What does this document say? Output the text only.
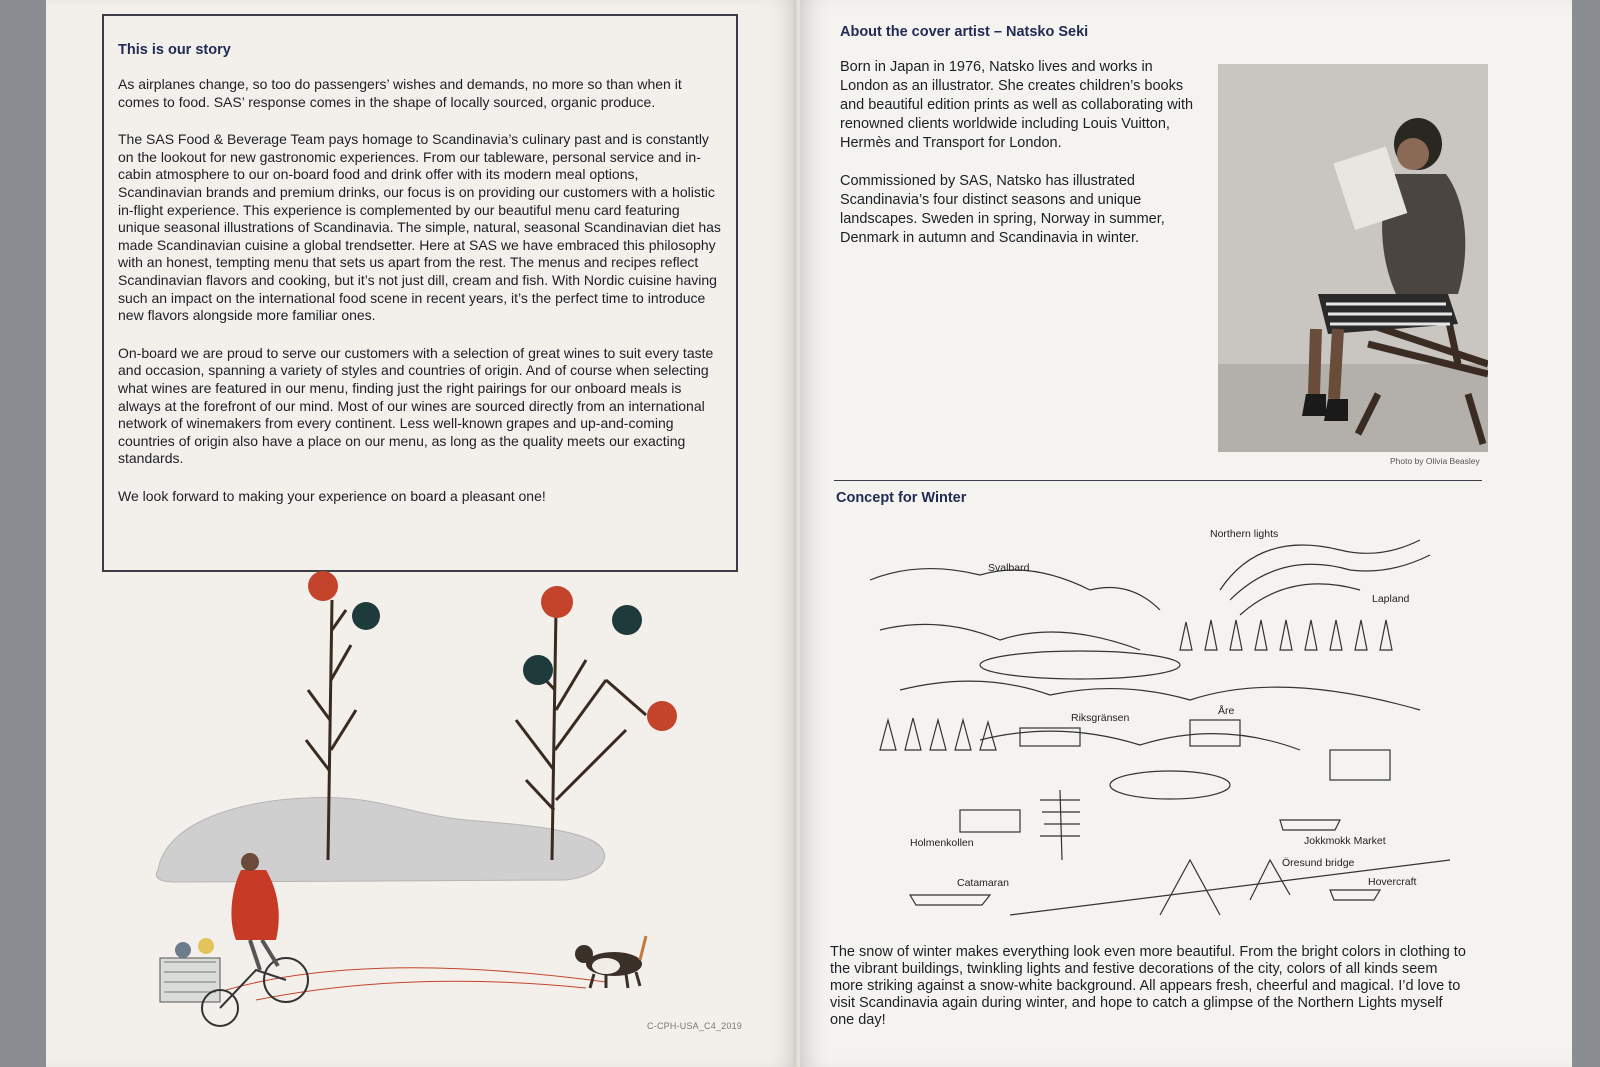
This is our story

As airplanes change, so too do passengers’ wishes and demands, no more so than when it comes to food. SAS’ response comes in the shape of locally sourced, organic produce.

The SAS Food & Beverage Team pays homage to Scandinavia’s culinary past and is constantly on the lookout for new gastronomic experiences. From our tableware, personal service and in-cabin atmosphere to our on-board food and drink offer with its modern meal options, Scandinavian brands and premium drinks, our focus is on providing our customers with a holistic in-flight experience. This experience is complemented by our beautiful menu card featuring unique seasonal illustrations of Scandinavia. The simple, natural, seasonal Scandinavian diet has made Scandinavian cuisine a global trendsetter. Here at SAS we have embraced this philosophy with an honest, tempting menu that sets us apart from the rest. The menus and recipes reflect Scandinavian flavors and cooking, but it’s not just dill, cream and fish. With Nordic cuisine having such an impact on the international food scene in recent years, it’s the perfect time to introduce new flavors alongside more familiar ones.

On-board we are proud to serve our customers with a selection of great wines to suit every taste and occasion, spanning a variety of styles and countries of origin. And of course when selecting what wines are featured in our menu, finding just the right pairings for our onboard meals is always at the forefront of our mind. Most of our wines are sourced directly from an international network of winemakers from every continent. Less well-known grapes and up-and-coming countries of origin also have a place on our menu, as long as the quality meets our exacting standards.

We look forward to making your experience on board a pleasant one!

C-CPH-USA_C4_2019
About the cover artist – Natsko Seki

Born in Japan in 1976, Natsko lives and works in London as an illustrator. She creates children’s books and beautiful edition prints as well as collaborating with renowned clients worldwide including Louis Vuitton, Hermès and Transport for London.

Commissioned by SAS, Natsko has illustrated Scandinavia’s four distinct seasons and unique landscapes. Sweden in spring, Norway in summer, Denmark in autumn and Scandinavia in winter.

Photo by Olivia Beasley
Concept for Winter
Northern lights
Svalbard
Lapland
Riksgränsen
Åre
Holmenkollen	Jokkmokk Market
Öresund bridge
Catamaran	Hovercraft

The snow of winter makes everything look even more beautiful. From the bright colors in clothing to the vibrant buildings, twinkling lights and festive decorations of the city, colors of all kinds seem more striking against a snow-white background. All appears fresh, cheerful and magical. I’d love to visit Scandinavia again during winter, and hope to catch a glimpse of the Northern Lights myself one day!
